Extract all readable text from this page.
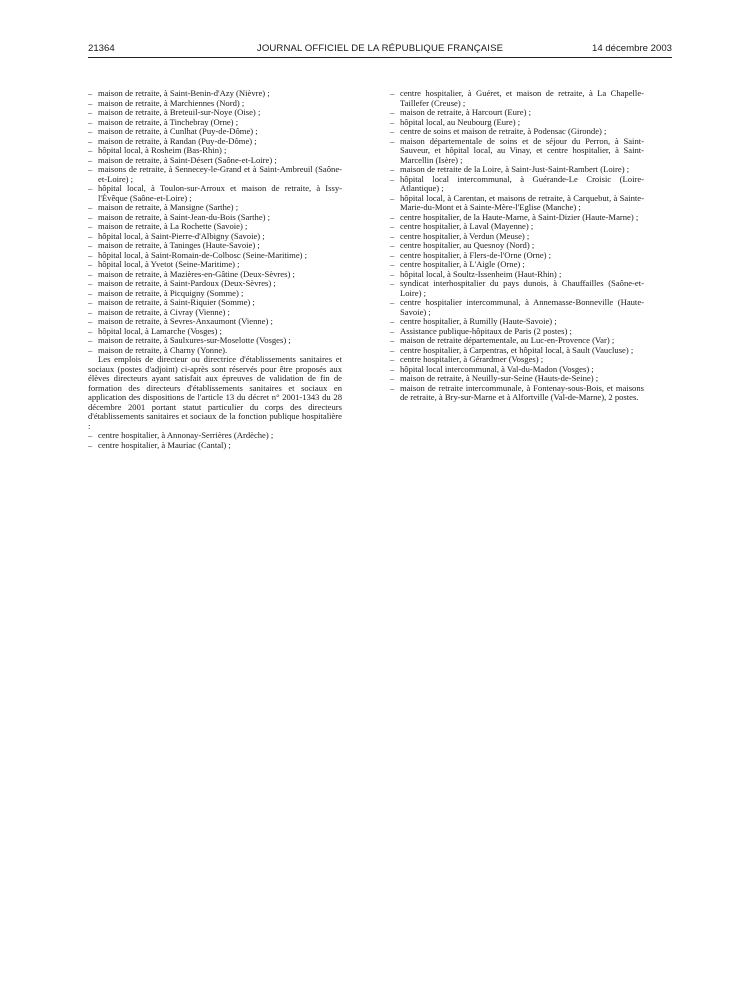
21364	JOURNAL OFFICIEL DE LA RÉPUBLIQUE FRANÇAISE	14 décembre 2003
– maison de retraite, à Saint-Benin-d'Azy (Nièvre) ;
– maison de retraite, à Marchiennes (Nord) ;
– maison de retraite, à Breteuil-sur-Noye (Oise) ;
– maison de retraite, à Tinchebray (Orne) ;
– maison de retraite, à Cunlhat (Puy-de-Dôme) ;
– maison de retraite, à Randan (Puy-de-Dôme) ;
– hôpital local, à Rosheim (Bas-Rhin) ;
– maison de retraite, à Saint-Désert (Saône-et-Loire) ;
– maisons de retraite, à Sennecey-le-Grand et à Saint-Ambreuil (Saône-et-Loire) ;
– hôpital local, à Toulon-sur-Arroux et maison de retraite, à Issy-l'Évêque (Saône-et-Loire) ;
– maison de retraite, à Mansigne (Sarthe) ;
– maison de retraite, à Saint-Jean-du-Bois (Sarthe) ;
– maison de retraite, à La Rochette (Savoie) ;
– hôpital local, à Saint-Pierre-d'Albigny (Savoie) ;
– maison de retraite, à Taninges (Haute-Savoie) ;
– hôpital local, à Saint-Romain-de-Colbosc (Seine-Maritime) ;
– hôpital local, à Yvetot (Seine-Maritime) ;
– maison de retraite, à Mazières-en-Gâtine (Deux-Sèvres) ;
– maison de retraite, à Saint-Pardoux (Deux-Sèvres) ;
– maison de retraite, à Picquigny (Somme) ;
– maison de retraite, à Saint-Riquier (Somme) ;
– maison de retraite, à Civray (Vienne) ;
– maison de retraite, à Sevres-Anxaumont (Vienne) ;
– hôpital local, à Lamarche (Vosges) ;
– maison de retraite, à Saulxures-sur-Moselotte (Vosges) ;
– maison de retraite, à Charny (Yonne).
Les emplois de directeur ou directrice d'établissements sanitaires et sociaux (postes d'adjoint) ci-après sont réservés pour être proposés aux élèves directeurs ayant satisfait aux épreuves de validation de fin de formation des directeurs d'établissements sanitaires et sociaux en application des dispositions de l'article 13 du décret n° 2001-1343 du 28 décembre 2001 portant statut particulier du corps des directeurs d'établissements sanitaires et sociaux de la fonction publique hospitalière :
– centre hospitalier, à Annonay-Serrières (Ardèche) ;
– centre hospitalier, à Mauriac (Cantal) ;
– centre hospitalier, à Guéret, et maison de retraite, à La Chapelle-Taillefer (Creuse) ;
– maison de retraite, à Harcourt (Eure) ;
– hôpital local, au Neubourg (Eure) ;
– centre de soins et maison de retraite, à Podensac (Gironde) ;
– maison départementale de soins et de séjour du Perron, à Saint-Sauveur, et hôpital local, au Vinay, et centre hospitalier, à Saint-Marcellin (Isère) ;
– maison de retraite de la Loire, à Saint-Just-Saint-Rambert (Loire) ;
– hôpital local intercommunal, à Guérande-Le Croisic (Loire-Atlantique) ;
– hôpital local, à Carentan, et maisons de retraite, à Carquebut, à Sainte-Marie-du-Mont et à Sainte-Mère-l'Eglise (Manche) ;
– centre hospitalier, de la Haute-Marne, à Saint-Dizier (Haute-Marne) ;
– centre hospitalier, à Laval (Mayenne) ;
– centre hospitalier, à Verdun (Meuse) ;
– centre hospitalier, au Quesnoy (Nord) ;
– centre hospitalier, à Flers-de-l'Orne (Orne) ;
– centre hospitalier, à L'Aigle (Orne) ;
– hôpital local, à Soultz-Issenheim (Haut-Rhin) ;
– syndicat interhospitalier du pays dunois, à Chauffailles (Saône-et-Loire) ;
– centre hospitalier intercommunal, à Annemasse-Bonneville (Haute-Savoie) ;
– centre hospitalier, à Rumilly (Haute-Savoie) ;
– Assistance publique-hôpitaux de Paris (2 postes) ;
– maison de retraite départementale, au Luc-en-Provence (Var) ;
– centre hospitalier, à Carpentras, et hôpital local, à Sault (Vaucluse) ;
– centre hospitalier, à Gérardmer (Vosges) ;
– hôpital local intercommunal, à Val-du-Madon (Vosges) ;
– maison de retraite, à Neuilly-sur-Seine (Hauts-de-Seine) ;
– maison de retraite intercommunale, à Fontenay-sous-Bois, et maisons de retraite, à Bry-sur-Marne et à Alfortville (Val-de-Marne), 2 postes.
